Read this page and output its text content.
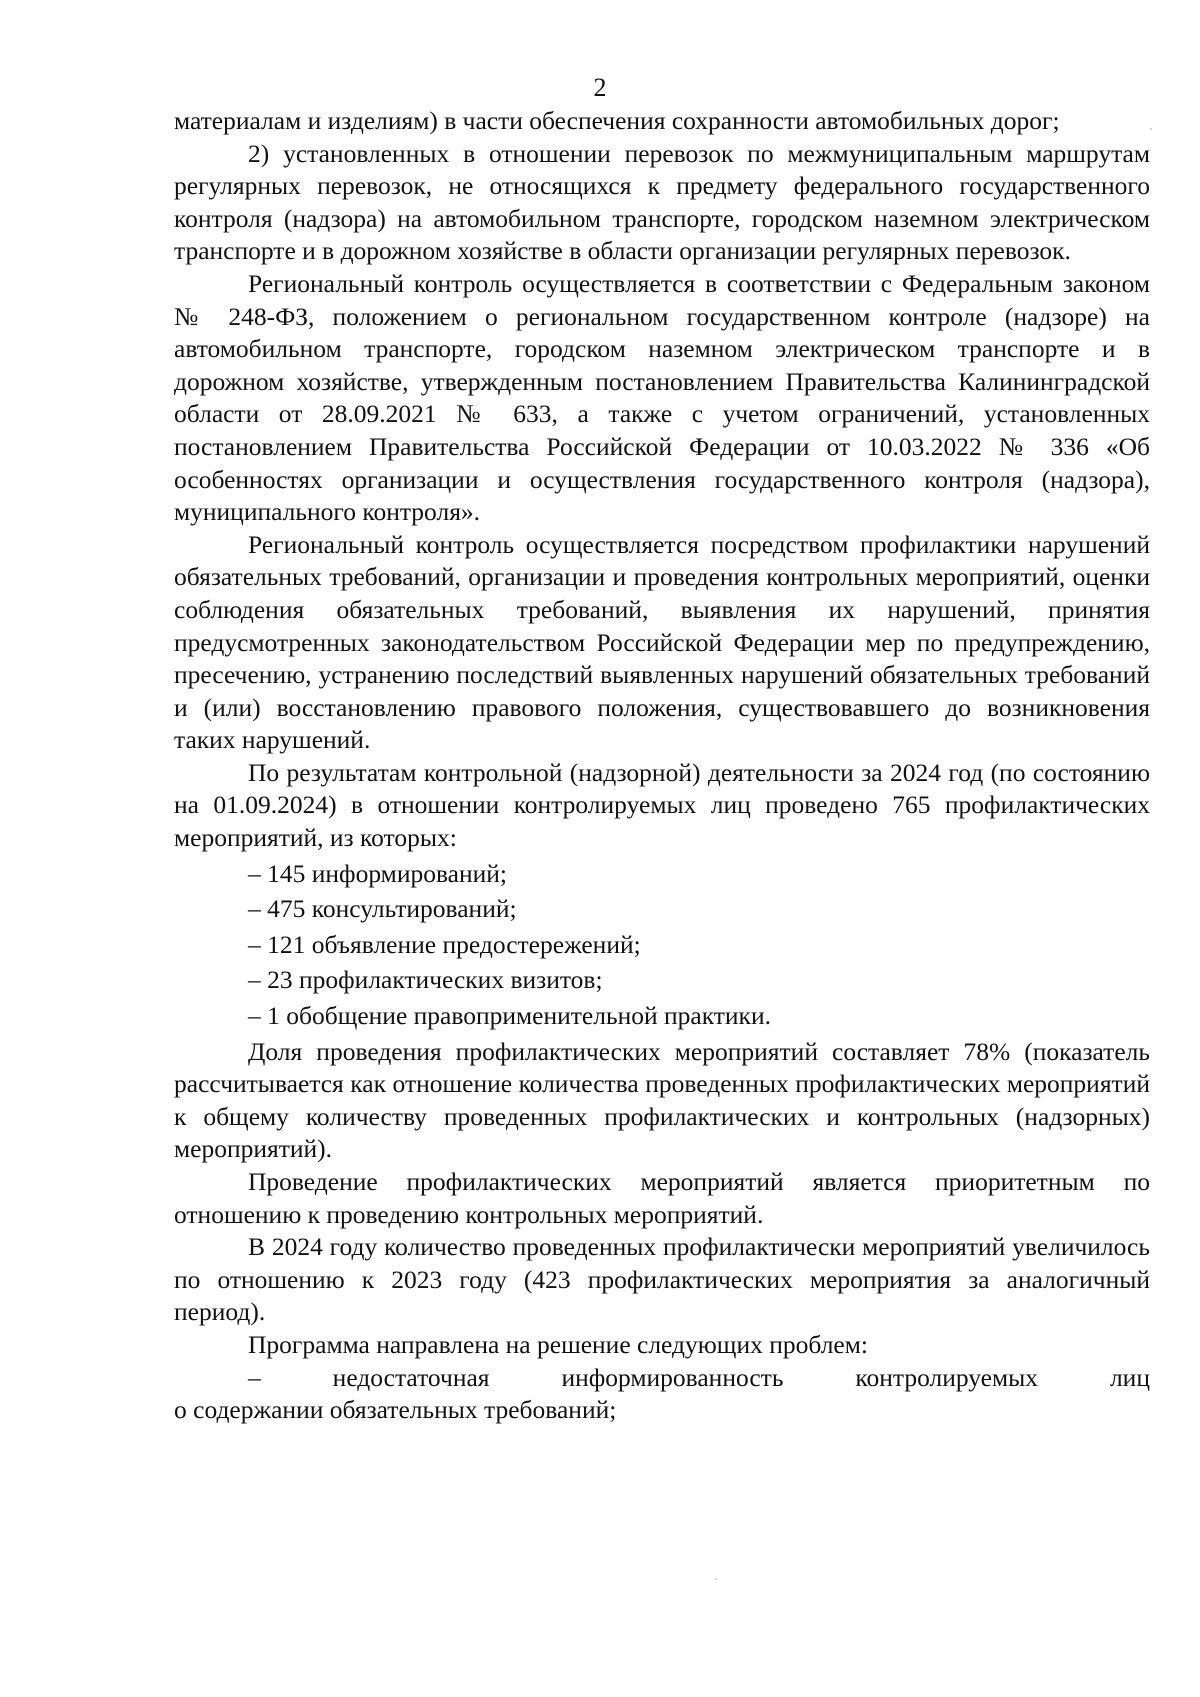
2

материалам и изделиям) в части обеспечения сохранности автомобильных дорог;

2) установленных в отношении перевозок по межмуниципальным маршрутам регулярных перевозок, не относящихся к предмету федерального государственного контроля (надзора) на автомобильном транспорте, городском наземном электрическом транспорте и в дорожном хозяйстве в области организации регулярных перевозок.

Региональный контроль осуществляется в соответствии с Федеральным законом № 248-ФЗ, положением о региональном государственном контроле (надзоре) на автомобильном транспорте, городском наземном электрическом транспорте и в дорожном хозяйстве, утвержденным постановлением Правительства Калининградской области от 28.09.2021 № 633, а также с учетом ограничений, установленных постановлением Правительства Российской Федерации от 10.03.2022 № 336 «Об особенностях организации и осуществления государственного контроля (надзора), муниципального контроля».

Региональный контроль осуществляется посредством профилактики нарушений обязательных требований, организации и проведения контрольных мероприятий, оценки соблюдения обязательных требований, выявления их нарушений, принятия предусмотренных законодательством Российской Федерации мер по предупреждению, пресечению, устранению последствий выявленных нарушений обязательных требований и (или) восстановлению правового положения, существовавшего до возникновения таких нарушений.

По результатам контрольной (надзорной) деятельности за 2024 год (по состоянию на 01.09.2024) в отношении контролируемых лиц проведено 765 профилактических мероприятий, из которых:

– 145 информирований;
– 475 консультирований;
– 121 объявление предостережений;
– 23 профилактических визитов;
– 1 обобщение правоприменительной практики.

Доля проведения профилактических мероприятий составляет 78% (показатель рассчитывается как отношение количества проведенных профилактических мероприятий к общему количеству проведенных профилактических и контрольных (надзорных) мероприятий).

Проведение профилактических мероприятий является приоритетным по отношению к проведению контрольных мероприятий.

В 2024 году количество проведенных профилактически мероприятий увеличилось по отношению к 2023 году (423 профилактических мероприятия за аналогичный период).

Программа направлена на решение следующих проблем:

–	недостаточная	информированность	контролируемых	лиц

о содержании обязательных требований;
